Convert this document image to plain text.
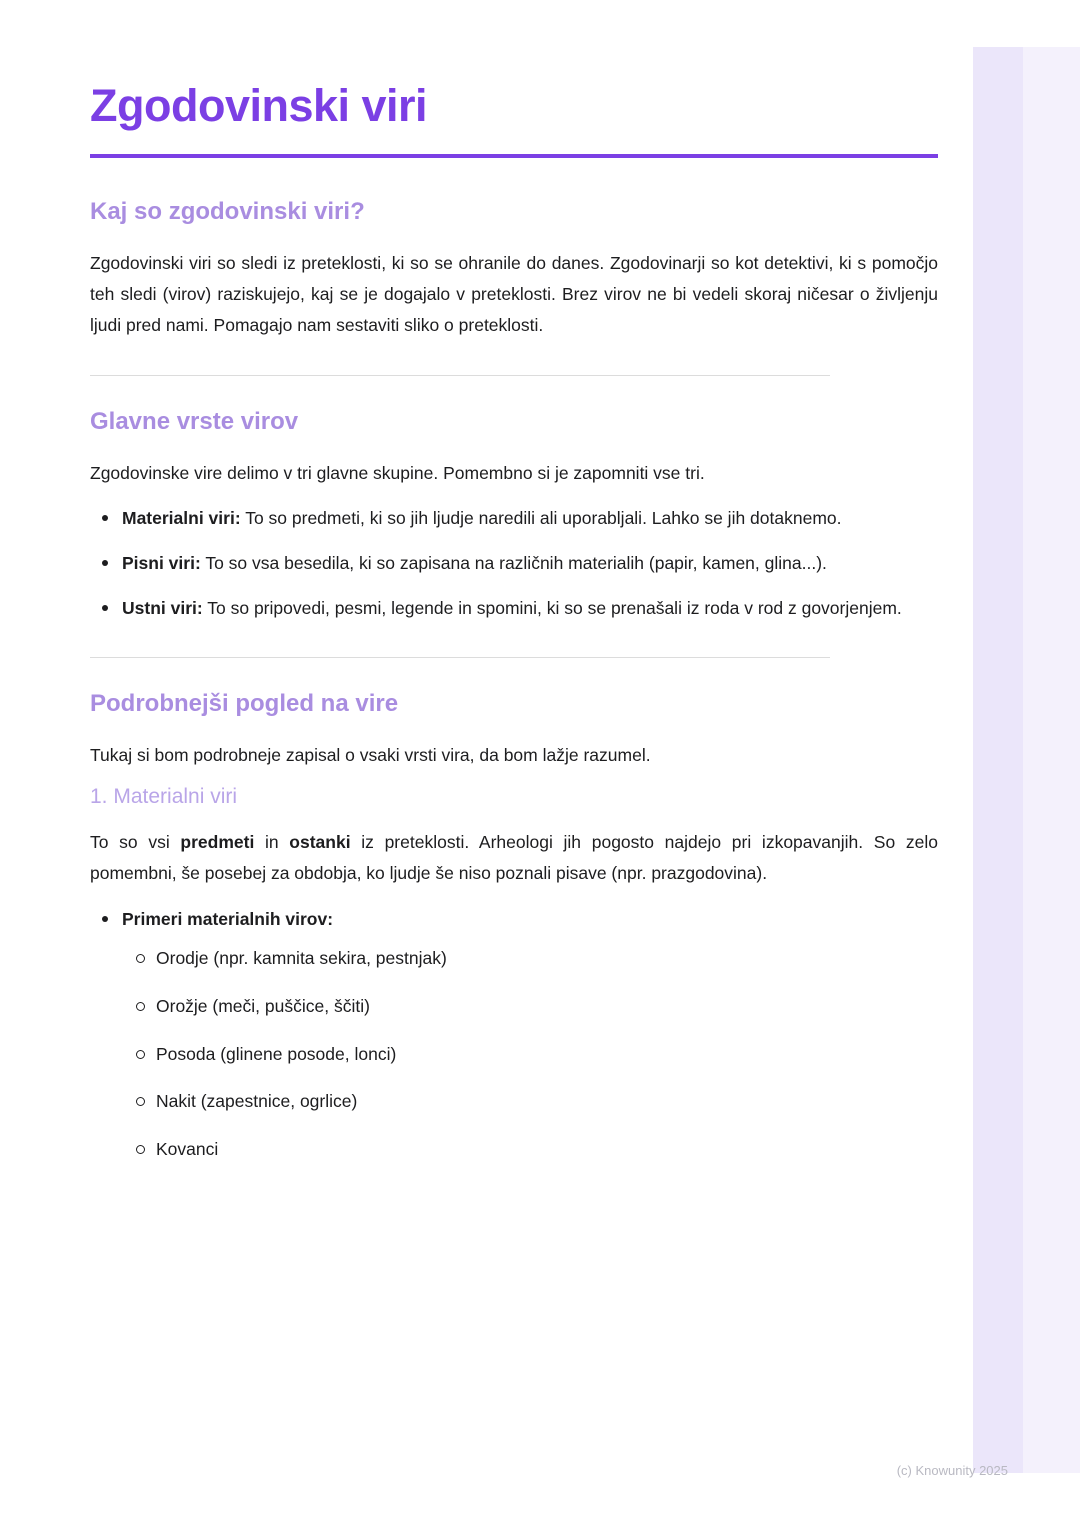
Zgodovinski viri
Kaj so zgodovinski viri?

Zgodovinski viri so sledi iz preteklosti, ki so se ohranile do danes. Zgodovinarji so kot detektivi, ki s pomočjo teh sledi (virov) raziskujejo, kaj se je dogajalo v preteklosti. Brez virov ne bi vedeli skoraj ničesar o življenju ljudi pred nami. Pomagajo nam sestaviti sliko o preteklosti.

Glavne vrste virov

Zgodovinske vire delimo v tri glavne skupine. Pomembno si je zapomniti vse tri.

Materialni viri: To so predmeti, ki so jih ljudje naredili ali uporabljali. Lahko se jih dotaknemo.
Pisni viri: To so vsa besedila, ki so zapisana na različnih materialih (papir, kamen, glina...).
Ustni viri: To so pripovedi, pesmi, legende in spomini, ki so se prenašali iz roda v rod z govorjenjem.
Podrobnejši pogled na vire

Tukaj si bom podrobneje zapisal o vsaki vrsti vira, da bom lažje razumel.

1. Materialni viri

To so vsi predmeti in ostanki iz preteklosti. Arheologi jih pogosto najdejo pri izkopavanjih. So zelo pomembni, še posebej za obdobja, ko ljudje še niso poznali pisave (npr. prazgodovina).

Primeri materialnih virov:
Orodje (npr. kamnita sekira, pestnjak)
Orožje (meči, puščice, ščiti)
Posoda (glinene posode, lonci)
Nakit (zapestnice, ogrlice)
Kovanci
(c) Knowunity 2025
